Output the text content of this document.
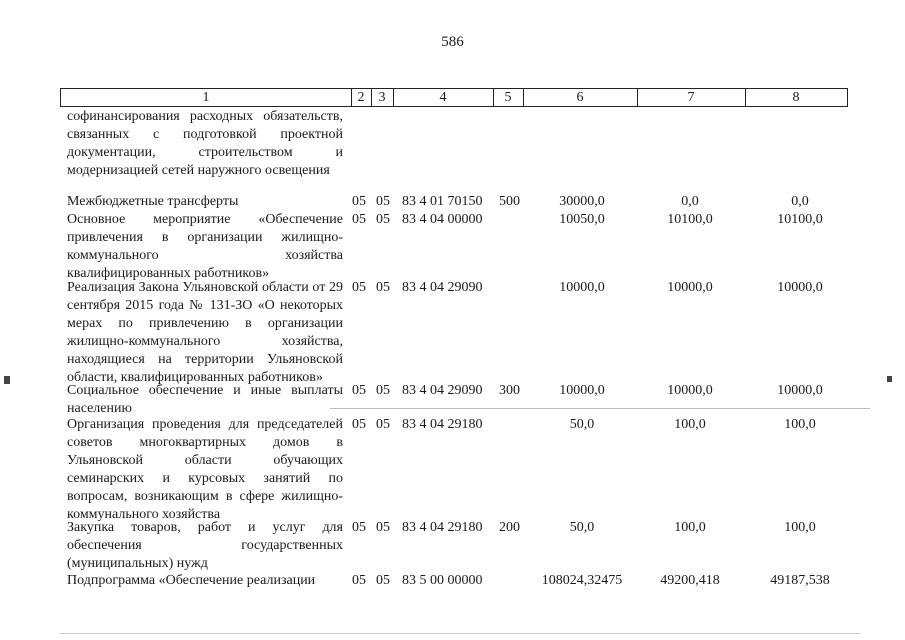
586
1	2	3	4	5	6	7	8
софинансирования расходных обязательств, связанных с подготовкой проектной документации, строительством и модернизацией сетей наружного освещения
Межбюджетные трансферты	05 05 83 4 01 70150 500	30000,0	0,0	0,0
Основное мероприятие «Обеспечение привлечения в организации жилищно-коммунального хозяйства квалифицированных работников»
05 05 83 4 04 00000	10050,0	10100,0	10100,0
Реализация Закона Ульяновской области от 29 сентября 2015 года № 131-ЗО «О некоторых мерах по привлечению в организации жилищно-коммунального хозяйства, находящиеся на территории Ульяновской области, квалифицированных работников»
05 05 83 4 04 29090	10000,0	10000,0	10000,0
Социальное обеспечение и иные выплаты населению
05 05 83 4 04 29090 300	10000,0	10000,0	10000,0
Организация проведения для председателей советов многоквартирных домов в Ульяновской области обучающих семинарских и курсовых занятий по вопросам, возникающим в сфере жилищно-коммунального хозяйства
05 05 83 4 04 29180	50,0	100,0	100,0
Закупка товаров, работ и услуг для обеспечения государственных (муниципальных) нужд
05 05 83 4 04 29180 200	50,0	100,0	100,0
Подпрограмма «Обеспечение реализации	05 05 83 5 00 00000	108024,32475	49200,418	49187,538
